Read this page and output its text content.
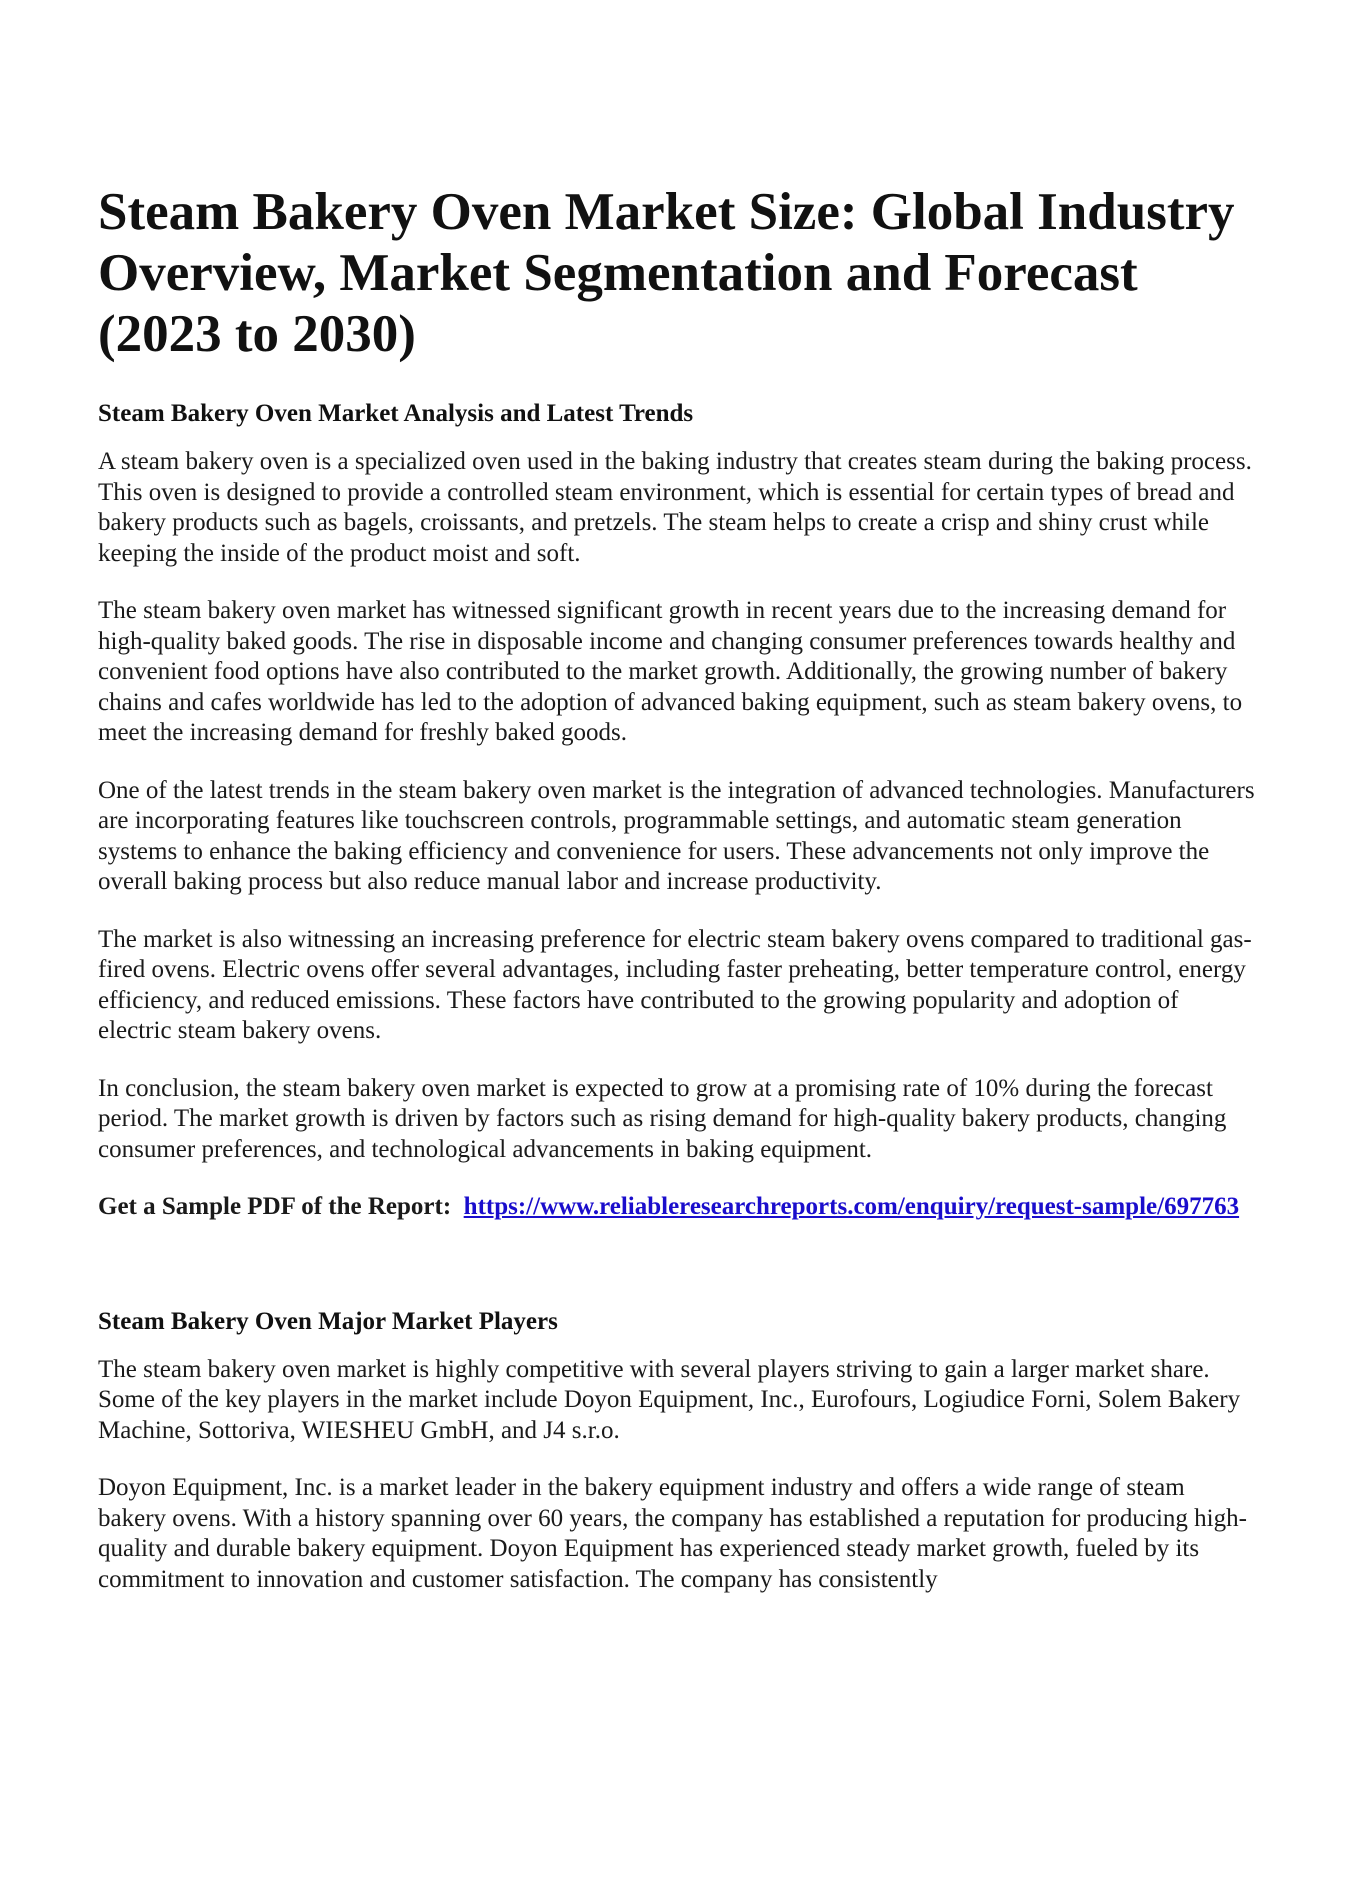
Steam Bakery Oven Market Size: Global Industry Overview, Market Segmentation and Forecast (2023 to 2030)
Steam Bakery Oven Market Analysis and Latest Trends

A steam bakery oven is a specialized oven used in the baking industry that creates steam during the baking process. This oven is designed to provide a controlled steam environment, which is essential for certain types of bread and bakery products such as bagels, croissants, and pretzels. The steam helps to create a crisp and shiny crust while keeping the inside of the product moist and soft.

The steam bakery oven market has witnessed significant growth in recent years due to the increasing demand for high-quality baked goods. The rise in disposable income and changing consumer preferences towards healthy and convenient food options have also contributed to the market growth. Additionally, the growing number of bakery chains and cafes worldwide has led to the adoption of advanced baking equipment, such as steam bakery ovens, to meet the increasing demand for freshly baked goods.

One of the latest trends in the steam bakery oven market is the integration of advanced technologies. Manufacturers are incorporating features like touchscreen controls, programmable settings, and automatic steam generation systems to enhance the baking efficiency and convenience for users. These advancements not only improve the overall baking process but also reduce manual labor and increase productivity.

The market is also witnessing an increasing preference for electric steam bakery ovens compared to traditional gas-fired ovens. Electric ovens offer several advantages, including faster preheating, better temperature control, energy efficiency, and reduced emissions. These factors have contributed to the growing popularity and adoption of electric steam bakery ovens.

In conclusion, the steam bakery oven market is expected to grow at a promising rate of 10% during the forecast period. The market growth is driven by factors such as rising demand for high-quality bakery products, changing consumer preferences, and technological advancements in baking equipment.

Get a Sample PDF of the Report:  https://www.reliableresearchreports.com/enquiry/request-sample/697763

Steam Bakery Oven Major Market Players

The steam bakery oven market is highly competitive with several players striving to gain a larger market share. Some of the key players in the market include Doyon Equipment, Inc., Eurofours, Logiudice Forni, Solem Bakery Machine, Sottoriva, WIESHEU GmbH, and J4 s.r.o.

Doyon Equipment, Inc. is a market leader in the bakery equipment industry and offers a wide range of steam bakery ovens. With a history spanning over 60 years, the company has established a reputation for producing high-quality and durable bakery equipment. Doyon Equipment has experienced steady market growth, fueled by its commitment to innovation and customer satisfaction. The company has consistently
